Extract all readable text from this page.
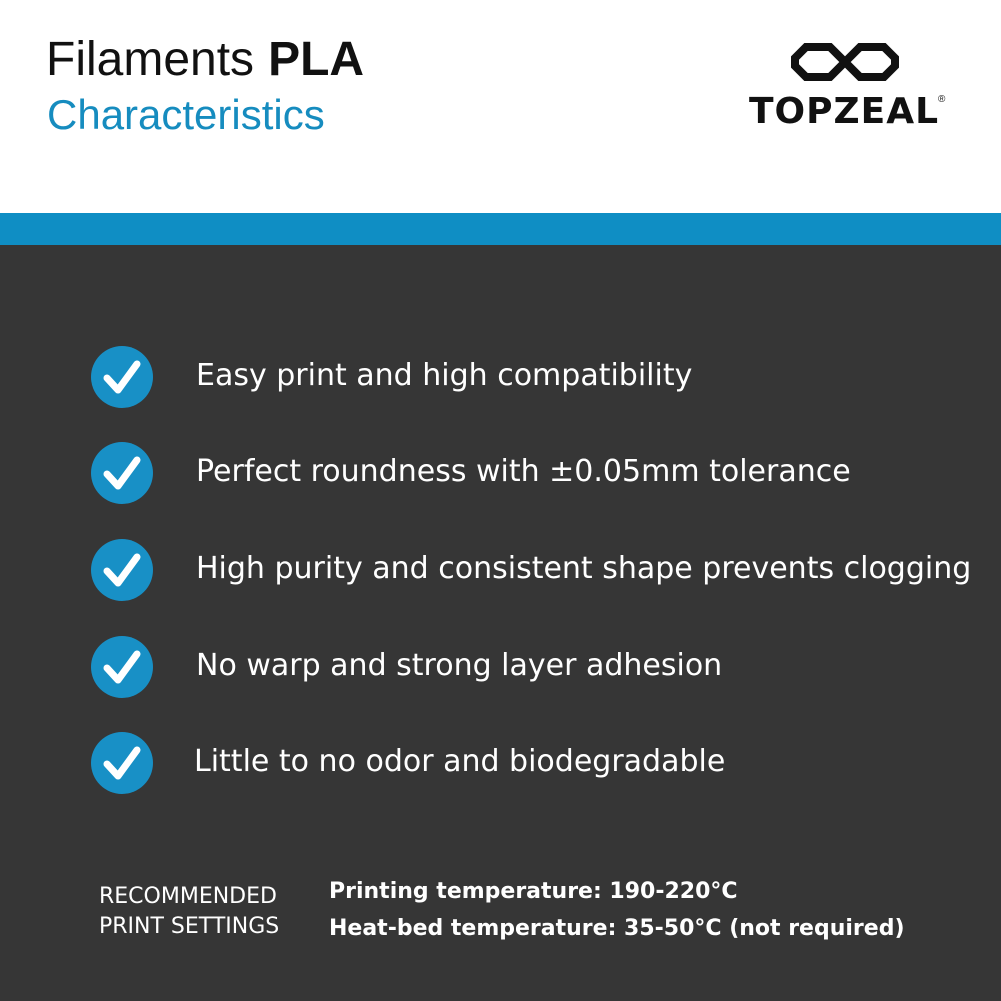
Filaments PLA
Characteristics	TOPZEAL
®
Easy print and high compatibility
Perfect roundness with ±0.05mm tolerance
High purity and consistent shape prevents clogging
No warp and strong layer adhesion
Little to no odor and biodegradable
RECOMMENDED
PRINT SETTINGS
Printing temperature: 190-220°C
Heat-bed temperature: 35-50°C (not required)
